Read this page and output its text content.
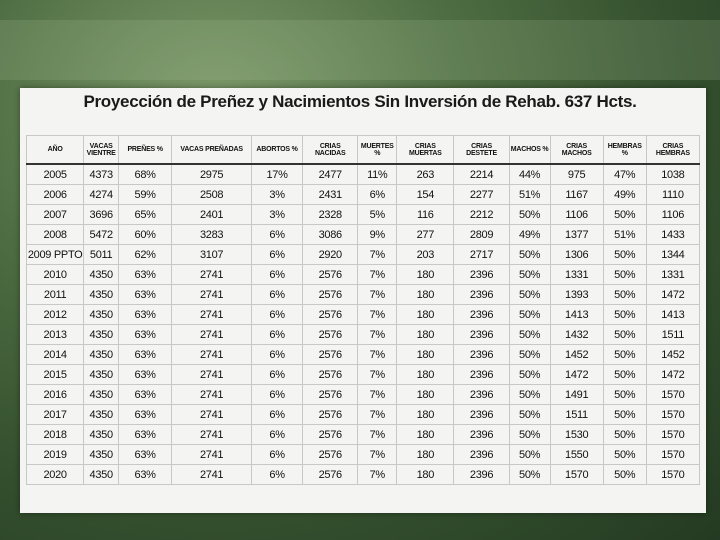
Proyección de Preñez y Nacimientos Sin Inversión de Rehab. 637 Hcts.
AÑO	VACAS VIENTRE	PREÑES %	VACAS PREÑADAS	ABORTOS %	CRIAS NACIDAS	MUERTES %	CRIAS MUERTAS	CRIAS DESTETE	MACHOS %	CRIAS MACHOS	HEMBRAS %	CRIAS HEMBRAS
2005	4373	68%	2975	17%	2477	11%	263	2214	44%	975	47%	1038
2006	4274	59%	2508	3%	2431	6%	154	2277	51%	1167	49%	1110
2007	3696	65%	2401	3%	2328	5%	116	2212	50%	1106	50%	1106
2008	5472	60%	3283	6%	3086	9%	277	2809	49%	1377	51%	1433
2009 PPTO	5011	62%	3107	6%	2920	7%	203	2717	50%	1306	50%	1344
2010	4350	63%	2741	6%	2576	7%	180	2396	50%	1331	50%	1331
2011	4350	63%	2741	6%	2576	7%	180	2396	50%	1393	50%	1472
2012	4350	63%	2741	6%	2576	7%	180	2396	50%	1413	50%	1413
2013	4350	63%	2741	6%	2576	7%	180	2396	50%	1432	50%	1511
2014	4350	63%	2741	6%	2576	7%	180	2396	50%	1452	50%	1452
2015	4350	63%	2741	6%	2576	7%	180	2396	50%	1472	50%	1472
2016	4350	63%	2741	6%	2576	7%	180	2396	50%	1491	50%	1570
2017	4350	63%	2741	6%	2576	7%	180	2396	50%	1511	50%	1570
2018	4350	63%	2741	6%	2576	7%	180	2396	50%	1530	50%	1570
2019	4350	63%	2741	6%	2576	7%	180	2396	50%	1550	50%	1570
2020	4350	63%	2741	6%	2576	7%	180	2396	50%	1570	50%	1570
